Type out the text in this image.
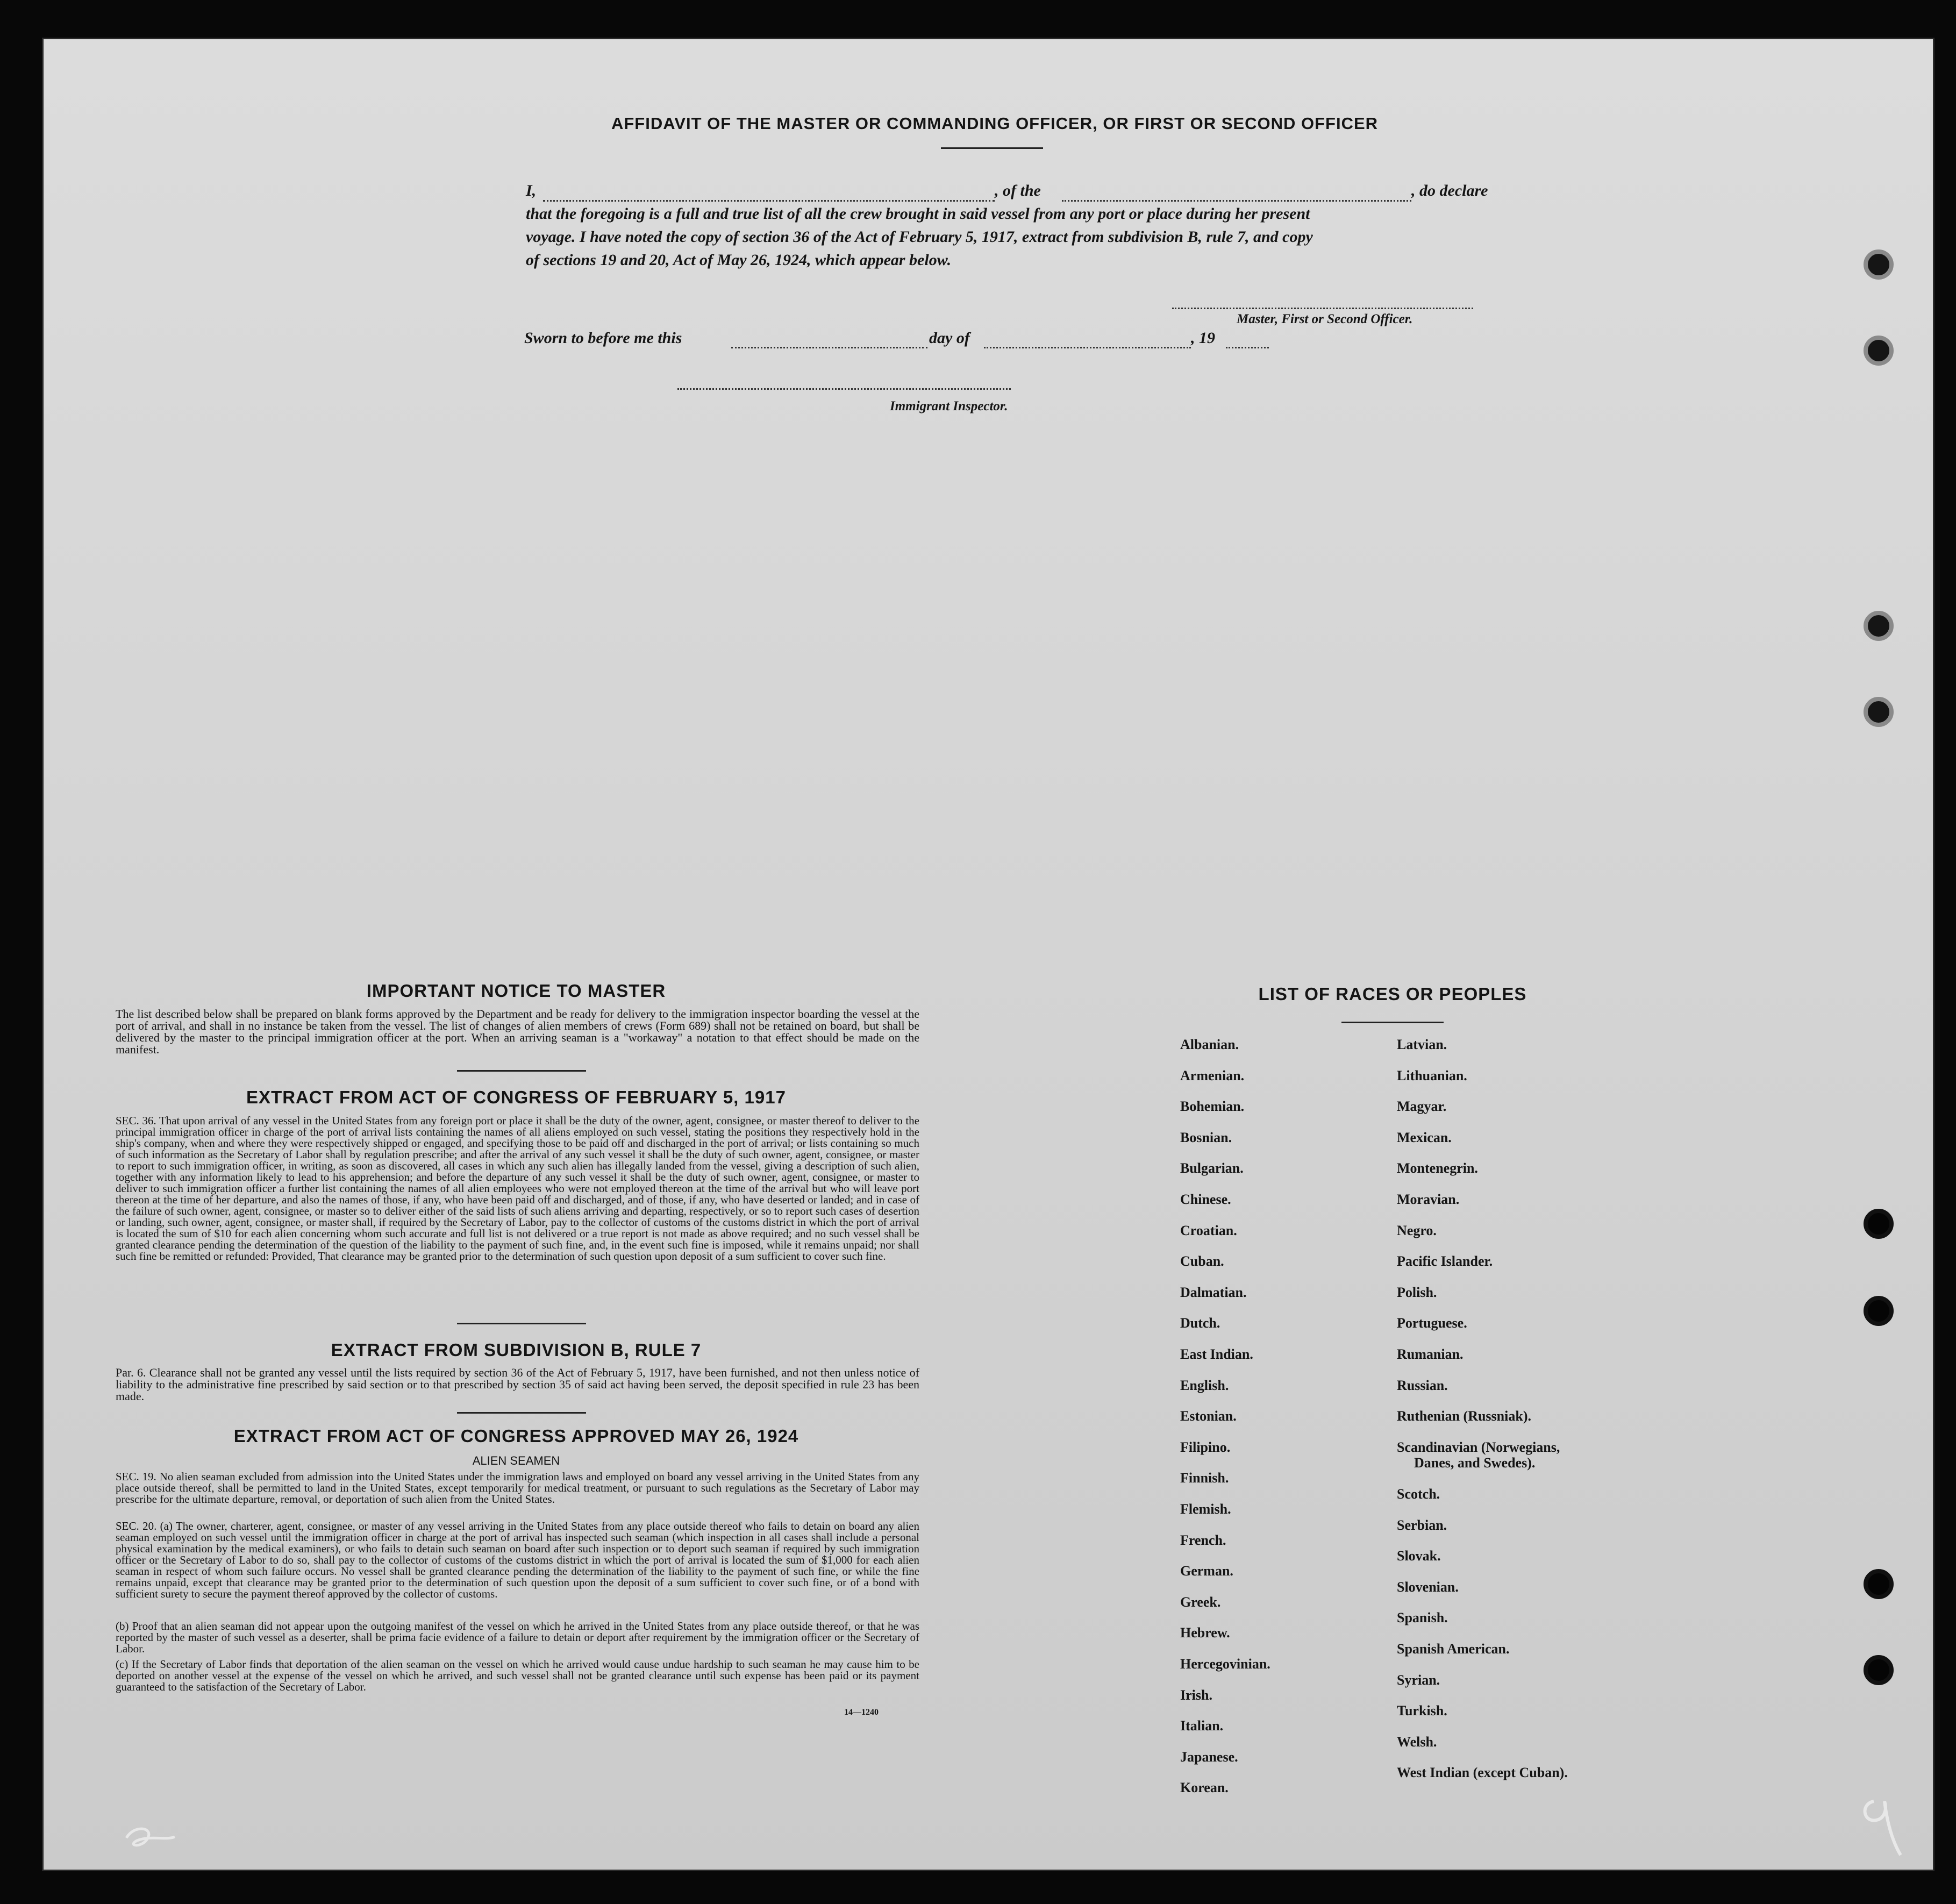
AFFIDAVIT OF THE MASTER OR COMMANDING OFFICER, OR FIRST OR SECOND OFFICER
I,	, of the	, do declare
that the foregoing is a full and true list of all the crew brought in said vessel from any port or place during her present
voyage. I have noted the copy of section 36 of the Act of February 5, 1917, extract from subdivision B, rule 7, and copy
of sections 19 and 20, Act of May 26, 1924, which appear below.
Master, First or Second Officer.
Sworn to before me this	day of	, 19
Immigrant Inspector.
IMPORTANT NOTICE TO MASTER
The list described below shall be prepared on blank forms approved by the Department and be ready for delivery to the immigration inspector boarding the vessel at the port of arrival, and shall in no instance be taken from the vessel. The list of changes of alien members of crews (Form 689) shall not be retained on board, but shall be delivered by the master to the principal immigration officer at the port. When an arriving seaman is a "workaway" a notation to that effect should be made on the manifest.
EXTRACT FROM ACT OF CONGRESS OF FEBRUARY 5, 1917
SEC. 36. That upon arrival of any vessel in the United States from any foreign port or place it shall be the duty of the owner, agent, consignee, or master thereof to deliver to the principal immigration officer in charge of the port of arrival lists containing the names of all aliens employed on such vessel, stating the positions they respectively hold in the ship's company, when and where they were respectively shipped or engaged, and specifying those to be paid off and discharged in the port of arrival; or lists containing so much of such information as the Secretary of Labor shall by regulation prescribe; and after the arrival of any such vessel it shall be the duty of such owner, agent, consignee, or master to report to such immigration officer, in writing, as soon as discovered, all cases in which any such alien has illegally landed from the vessel, giving a description of such alien, together with any information likely to lead to his apprehension; and before the departure of any such vessel it shall be the duty of such owner, agent, consignee, or master to deliver to such immigration officer a further list containing the names of all alien employees who were not employed thereon at the time of the arrival but who will leave port thereon at the time of her departure, and also the names of those, if any, who have been paid off and discharged, and of those, if any, who have deserted or landed; and in case of the failure of such owner, agent, consignee, or master so to deliver either of the said lists of such aliens arriving and departing, respectively, or so to report such cases of desertion or landing, such owner, agent, consignee, or master shall, if required by the Secretary of Labor, pay to the collector of customs of the customs district in which the port of arrival is located the sum of $10 for each alien concerning whom such accurate and full list is not delivered or a true report is not made as above required; and no such vessel shall be granted clearance pending the determination of the question of the liability to the payment of such fine, and, in the event such fine is imposed, while it remains unpaid; nor shall such fine be remitted or refunded: Provided, That clearance may be granted prior to the determination of such question upon deposit of a sum sufficient to cover such fine.
EXTRACT FROM SUBDIVISION B, RULE 7
Par. 6. Clearance shall not be granted any vessel until the lists required by section 36 of the Act of February 5, 1917, have been furnished, and not then unless notice of liability to the administrative fine prescribed by said section or to that prescribed by section 35 of said act having been served, the deposit specified in rule 23 has been made.
EXTRACT FROM ACT OF CONGRESS APPROVED MAY 26, 1924
ALIEN SEAMEN
SEC. 19. No alien seaman excluded from admission into the United States under the immigration laws and employed on board any vessel arriving in the United States from any place outside thereof, shall be permitted to land in the United States, except temporarily for medical treatment, or pursuant to such regulations as the Secretary of Labor may prescribe for the ultimate departure, removal, or deportation of such alien from the United States.
SEC. 20. (a) The owner, charterer, agent, consignee, or master of any vessel arriving in the United States from any place outside thereof who fails to detain on board any alien seaman employed on such vessel until the immigration officer in charge at the port of arrival has inspected such seaman (which inspection in all cases shall include a personal physical examination by the medical examiners), or who fails to detain such seaman on board after such inspection or to deport such seaman if required by such immigration officer or the Secretary of Labor to do so, shall pay to the collector of customs of the customs district in which the port of arrival is located the sum of $1,000 for each alien seaman in respect of whom such failure occurs. No vessel shall be granted clearance pending the determination of the liability to the payment of such fine, or while the fine remains unpaid, except that clearance may be granted prior to the determination of such question upon the deposit of a sum sufficient to cover such fine, or of a bond with sufficient surety to secure the payment thereof approved by the collector of customs.
(b) Proof that an alien seaman did not appear upon the outgoing manifest of the vessel on which he arrived in the United States from any place outside thereof, or that he was reported by the master of such vessel as a deserter, shall be prima facie evidence of a failure to detain or deport after requirement by the immigration officer or the Secretary of Labor.
(c) If the Secretary of Labor finds that deportation of the alien seaman on the vessel on which he arrived would cause undue hardship to such seaman he may cause him to be deported on another vessel at the expense of the vessel on which he arrived, and such vessel shall not be granted clearance until such expense has been paid or its payment guaranteed to the satisfaction of the Secretary of Labor.
14—1240
LIST OF RACES OR PEOPLES
Albanian.
Armenian.
Bohemian.
Bosnian.
Bulgarian.
Chinese.
Croatian.
Cuban.
Dalmatian.
Dutch.
East Indian.
English.
Estonian.
Filipino.
Finnish.
Flemish.
French.
German.
Greek.
Hebrew.
Hercegovinian.
Irish.
Italian.
Japanese.
Korean.
Latvian.
Lithuanian.
Magyar.
Mexican.
Montenegrin.
Moravian.
Negro.
Pacific Islander.
Polish.
Portuguese.
Rumanian.
Russian.
Ruthenian (Russniak).
Scandinavian (Norwegians,
Danes, and Swedes).
Scotch.
Serbian.
Slovak.
Slovenian.
Spanish.
Spanish American.
Syrian.
Turkish.
Welsh.
West Indian (except Cuban).
